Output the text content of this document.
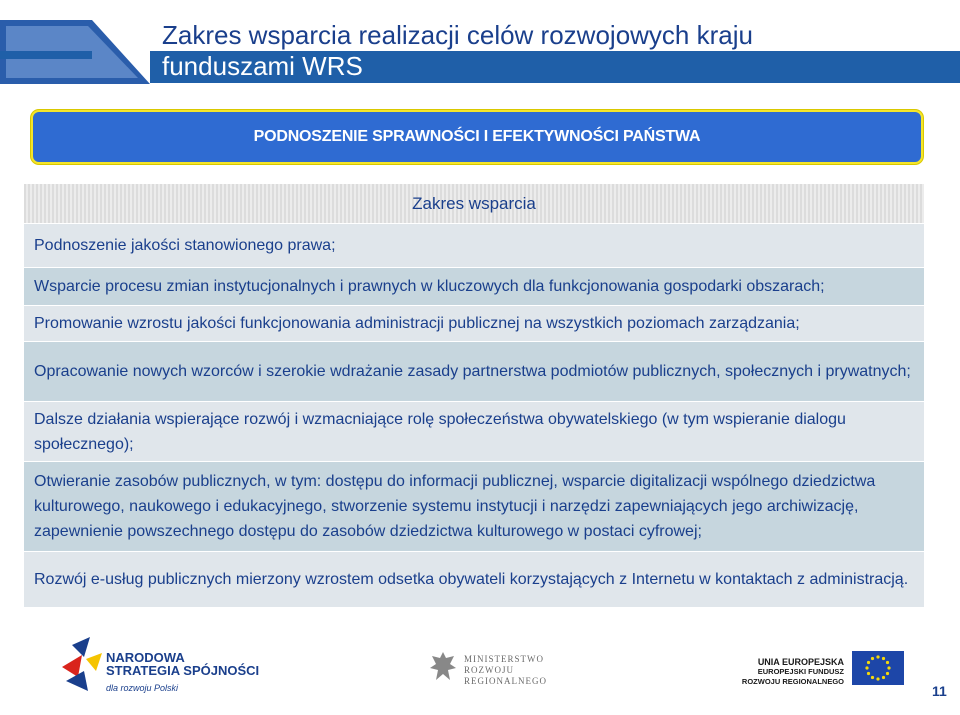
Zakres wsparcia realizacji celów rozwojowych kraju
funduszami WRS
PODNOSZENIE SPRAWNOŚCI I EFEKTYWNOŚCI PAŃSTWA
Zakres wsparcia
Podnoszenie jakości stanowionego prawa;
Wsparcie procesu zmian instytucjonalnych i prawnych w kluczowych dla funkcjonowania gospodarki obszarach;
Promowanie wzrostu jakości funkcjonowania administracji publicznej na wszystkich poziomach zarządzania;
Opracowanie nowych wzorców i szerokie wdrażanie zasady partnerstwa podmiotów publicznych, społecznych i prywatnych;
Dalsze działania wspierające rozwój i wzmacniające rolę społeczeństwa obywatelskiego (w tym wspieranie dialogu społecznego);
Otwieranie zasobów publicznych, w tym: dostępu do informacji publicznej, wsparcie digitalizacji wspólnego dziedzictwa kulturowego, naukowego i edukacyjnego, stworzenie systemu instytucji i narzędzi zapewniających jego archiwizację, zapewnienie powszechnego dostępu do zasobów dziedzictwa kulturowego w postaci cyfrowej;
Rozwój e-usług publicznych mierzony wzrostem odsetka obywateli korzystających z Internetu w kontaktach z administracją.
NARODOWA
STRATEGIA SPÓJNOŚCI
dla rozwoju Polski
MINISTERSTWO
ROZWOJU
REGIONALNEGO
UNIA EUROPEJSKA
EUROPEJSKI FUNDUSZ
ROZWOJU REGIONALNEGO
11
